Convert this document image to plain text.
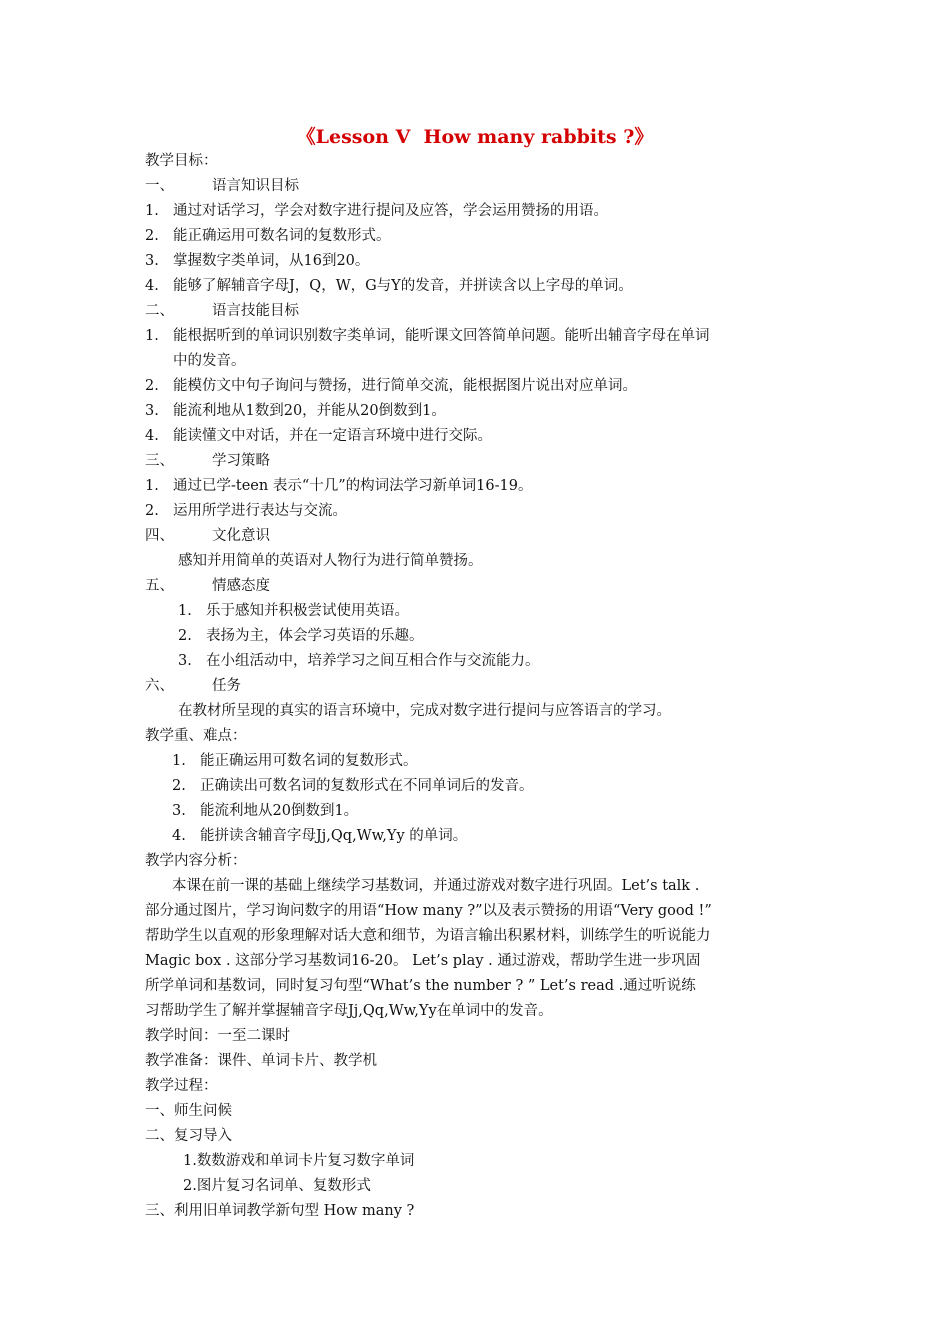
《Lesson V  How many rabbits ?》
教学目标：
一、	语言知识目标
1. 通过对话学习，学会对数字进行提问及应答，学会运用赞扬的用语。
2. 能正确运用可数名词的复数形式。
3. 掌握数字类单词，从16到20。
4. 能够了解辅音字母J，Q，W，G与Y的发音，并拼读含以上字母的单词。
二、	语言技能目标
1. 能根据听到的单词识别数字类单词，能听课文回答简单问题。能听出辅音字母在单词
中的发音。
2. 能模仿文中句子询问与赞扬，进行简单交流，能根据图片说出对应单词。
3. 能流利地从1数到20，并能从20倒数到1。
4. 能读懂文中对话，并在一定语言环境中进行交际。
三、	学习策略
1. 通过已学-teen 表示“十几”的构词法学习新单词16-19。
2. 运用所学进行表达与交流。
四、	文化意识
感知并用简单的英语对人物行为进行简单赞扬。
五、	情感态度
1. 乐于感知并积极尝试使用英语。
2. 表扬为主，体会学习英语的乐趣。
3. 在小组活动中，培养学习之间互相合作与交流能力。
六、	任务
在教材所呈现的真实的语言环境中，完成对数字进行提问与应答语言的学习。
教学重、难点：
1. 能正确运用可数名词的复数形式。
2. 正确读出可数名词的复数形式在不同单词后的发音。
3. 能流利地从20倒数到1。
4. 能拼读含辅音字母Jj,Qq,Ww,Yy 的单词。
教学内容分析：
本课在前一课的基础上继续学习基数词，并通过游戏对数字进行巩固。Let’s talk .
部分通过图片，学习询问数字的用语“How many ?”以及表示赞扬的用语“Very good !”
帮助学生以直观的形象理解对话大意和细节，为语言输出积累材料，训练学生的听说能力
Magic box . 这部分学习基数词16-20。 Let’s play . 通过游戏，帮助学生进一步巩固
所学单词和基数词，同时复习句型“What’s the number ? ” Let’s read .通过听说练
习帮助学生了解并掌握辅音字母Jj,Qq,Ww,Yy在单词中的发音。
教学时间：一至二课时
教学准备：课件、单词卡片、教学机
教学过程：
一、师生问候
二、复习导入
1.数数游戏和单词卡片复习数字单词
2.图片复习名词单、复数形式
三、利用旧单词教学新句型 How many ?
